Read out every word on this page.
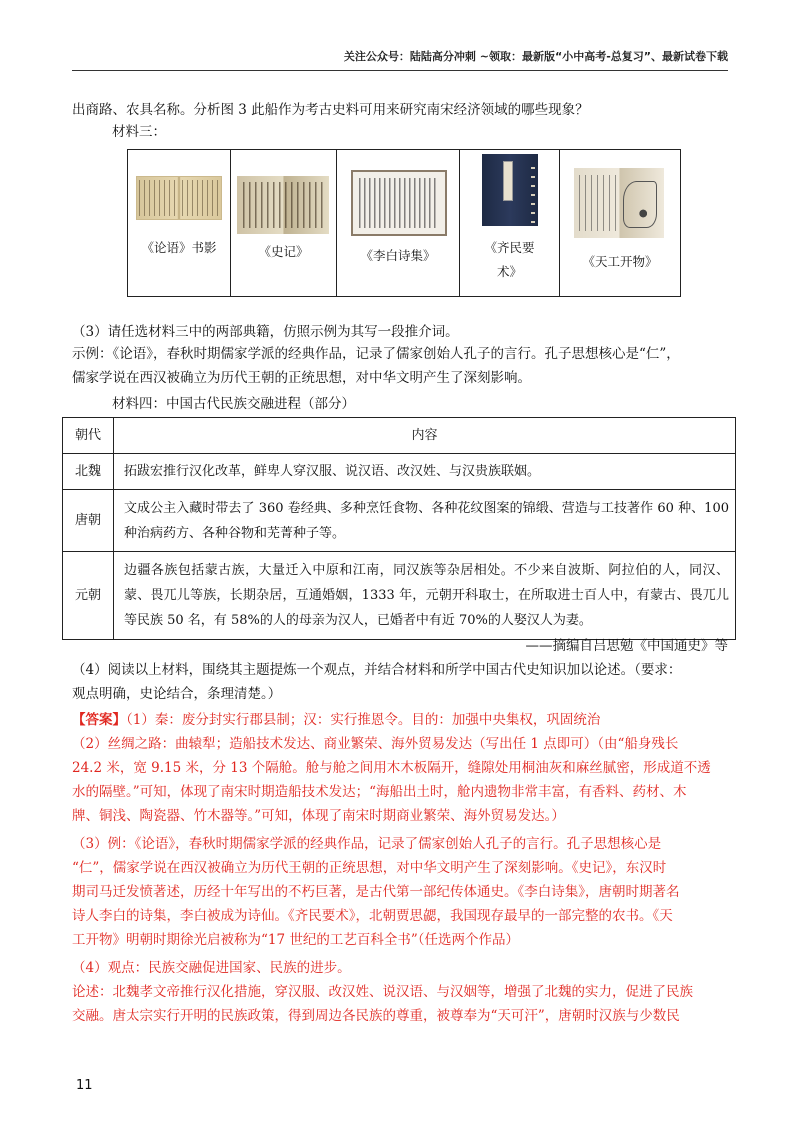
关注公众号：陆陆高分冲刺 ~领取：最新版“小中高考-总复习”、最新试卷下载
出商路、农具名称。分析图 3 此船作为考古史料可用来研究南宋经济领域的哪些现象？
材料三：
《论语》书影	《史记》	《李白诗集》
《齐民要
术》
《天工开物》
（3）请任选材料三中的两部典籍，仿照示例为其写一段推介词。
示例：《论语》，春秋时期儒家学派的经典作品，记录了儒家创始人孔子的言行。孔子思想核心是“仁”，
儒家学说在西汉被确立为历代王朝的正统思想，对中华文明产生了深刻影响。
材料四：中国古代民族交融进程（部分）
朝代	内容
北魏	拓跋宏推行汉化改革，鲜卑人穿汉服、说汉语、改汉姓、与汉贵族联姻。
唐朝	文成公主入藏时带去了 360 卷经典、多种烹饪食物、各种花纹图案的锦缎、营造与工技著作 60 种、100 种治病药方、各种谷物和芜菁种子等。
元朝	边疆各族包括蒙古族，大量迁入中原和江南，同汉族等杂居相处。不少来自波斯、阿拉伯的人，同汉、蒙、畏兀儿等族，长期杂居，互通婚姻，1333 年，元朝开科取士，在所取进士百人中，有蒙古、畏兀儿等民族 50 名，有 58%的人的母亲为汉人，已婚者中有近 70%的人娶汉人为妻。
——摘编自吕思勉《中国通史》等
（4）阅读以上材料，围绕其主题提炼一个观点，并结合材料和所学中国古代史知识加以论述。（要求：
观点明确，史论结合，条理清楚。）
【答案】（1）秦：废分封实行郡县制；汉：实行推恩令。目的：加强中央集权，巩固统治
（2）丝绸之路：曲辕犁；造船技术发达、商业繁荣、海外贸易发达（写出任 1 点即可）（由“船身残长
24.2 米，宽 9.15 米，分 13 个隔舱。舱与舱之间用木木板隔开，缝隙处用桐油灰和麻丝腻密，形成道不透
水的隔壁。”可知，体现了南宋时期造船技术发达；“海船出土时，舱内遗物非常丰富，有香料、药材、木
牌、铜浅、陶瓷器、竹木器等。”可知，体现了南宋时期商业繁荣、海外贸易发达。）
（3）例：《论语》，春秋时期儒家学派的经典作品，记录了儒家创始人孔子的言行。孔子思想核心是
“仁”，儒家学说在西汉被确立为历代王朝的正统思想，对中华文明产生了深刻影响。《史记》，东汉时
期司马迁发愤著述，历经十年写出的不朽巨著，是古代第一部纪传体通史。《李白诗集》，唐朝时期著名
诗人李白的诗集，李白被成为诗仙。《齐民要术》，北朝贾思勰，我国现存最早的一部完整的农书。《天
工开物》明朝时期徐光启被称为“17 世纪的工艺百科全书”（任选两个作品）
（4）观点：民族交融促进国家、民族的进步。
论述：北魏孝文帝推行汉化措施，穿汉服、改汉姓、说汉语、与汉姻等，增强了北魏的实力，促进了民族
交融。唐太宗实行开明的民族政策，得到周边各民族的尊重，被尊奉为“天可汗”，唐朝时汉族与少数民
11
